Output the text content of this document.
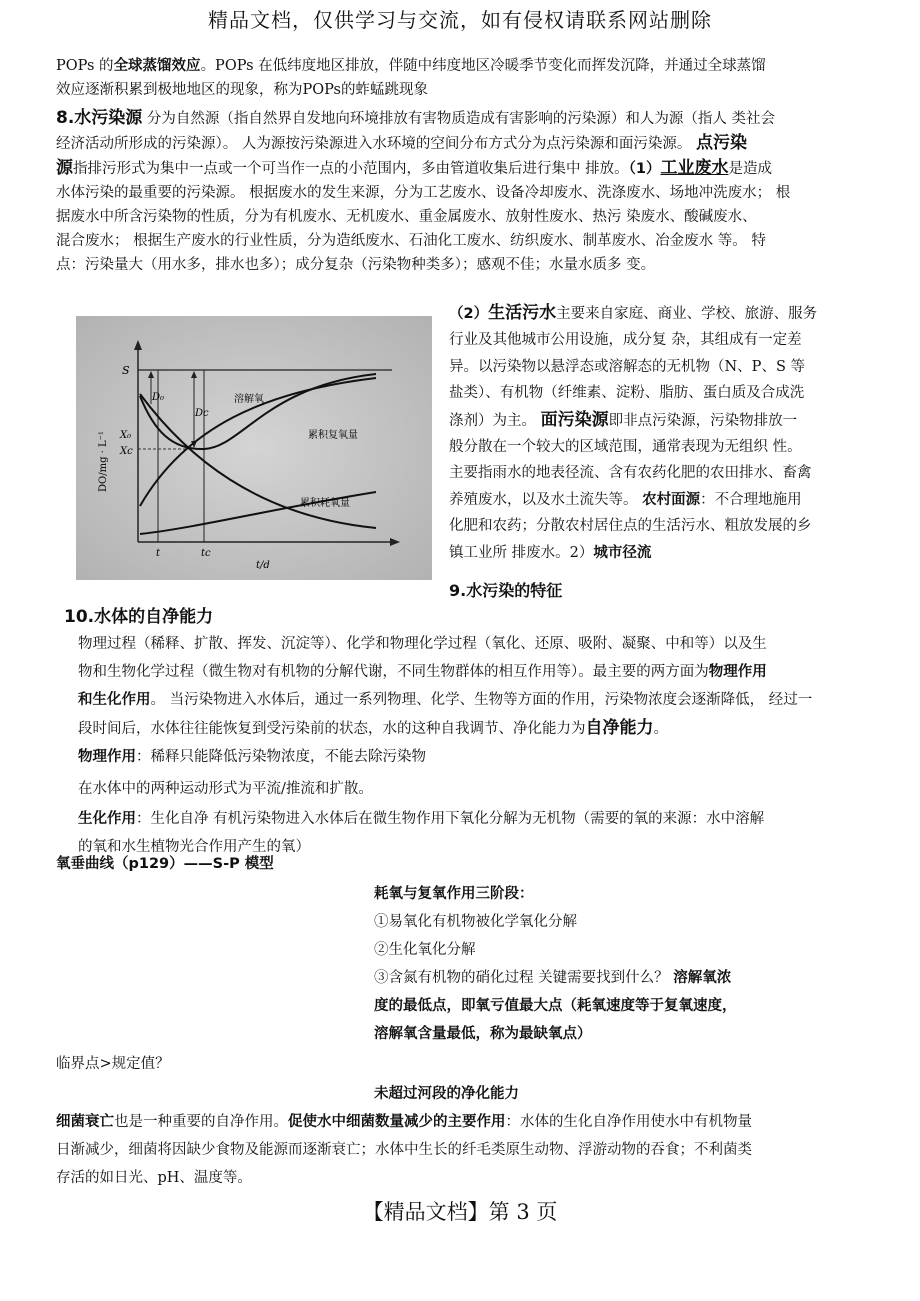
精品文档，仅供学习与交流，如有侵权请联系网站删除
POPs 的全球蒸馏效应。POPs 在低纬度地区排放，伴随中纬度地区冷暖季节变化而挥发沉降，并通过全球蒸馏
效应逐渐积累到极地地区的现象，称为POPs的蚱蜢跳现象
8.水污染源 分为自然源（指自然界自发地向环境排放有害物质造成有害影响的污染源）和人为源（指人 类社会
经济活动所形成的污染源）。 人为源按污染源进入水环境的空间分布方式分为点污染源和面污染源。 点污染
源指排污形式为集中一点或一个可当作一点的小范围内，多由管道收集后进行集中 排放。（1）工业废水是造成
水体污染的最重要的污染源。 根据废水的发生来源，分为工艺废水、设备冷却废水、洗涤废水、场地冲洗废水； 根
据废水中所含污染物的性质，分为有机废水、无机废水、重金属废水、放射性废水、热污 染废水、酸碱废水、
混合废水； 根据生产废水的行业性质，分为造纸废水、石油化工废水、纺织废水、制革废水、冶金废水 等。 特
点：污染量大（用水多，排水也多）；成分复杂（污染物种类多）；感观不佳；水量水质多 变。
S
D₀
Dc
X₀
Xc
t	tc
t/d
DO/mg · L⁻¹
溶解氧
累积复氧量
累积耗氧量
（2）生活污水主要来自家庭、商业、学校、旅游、服务
行业及其他城市公用设施，成分复 杂，其组成有一定差
异。以污染物以悬浮态或溶解态的无机物（N、P、S 等
盐类）、有机物（纤维素、淀粉、脂肪、蛋白质及合成洗
涤剂）为主。 面污染源即非点污染源，污染物排放一
般分散在一个较大的区域范围，通常表现为无组织 性。
主要指雨水的地表径流、含有农药化肥的农田排水、畜禽
养殖废水，以及水土流失等。 农村面源：不合理地施用
化肥和农药；分散农村居住点的生活污水、粗放发展的乡
镇工业所 排废水。2）城市径流
9.水污染的特征
10.水体的自净能力
物理过程（稀释、扩散、挥发、沉淀等）、化学和物理化学过程（氧化、还原、吸附、凝聚、中和等）以及生
物和生物化学过程（微生物对有机物的分解代谢，不同生物群体的相互作用等）。最主要的两方面为物理作用
和生化作用。 当污染物进入水体后，通过一系列物理、化学、生物等方面的作用，污染物浓度会逐渐降低， 经过一
段时间后，水体往往能恢复到受污染前的状态，水的这种自我调节、净化能力为自净能力。
物理作用：稀释只能降低污染物浓度，不能去除污染物
在水体中的两种运动形式为平流/推流和扩散。
生化作用：生化自净 有机污染物进入水体后在微生物作用下氧化分解为无机物（需要的氧的来源：水中溶解
的氧和水生植物光合作用产生的氧）
氧垂曲线（p129）——S-P 模型
耗氧与复氧作用三阶段：
①易氧化有机物被化学氧化分解
②生化氧化分解
③含氮有机物的硝化过程 关键需要找到什么？ 溶解氧浓
度的最低点，即氧亏值最大点（耗氧速度等于复氧速度，
溶解氧含量最低，称为最缺氧点）
临界点>规定值？
未超过河段的净化能力
细菌衰亡也是一种重要的自净作用。促使水中细菌数量减少的主要作用：水体的生化自净作用使水中有机物量
日渐减少，细菌将因缺少食物及能源而逐渐衰亡；水体中生长的纤毛类原生动物、浮游动物的吞食；不利菌类
存活的如日光、pH、温度等。
【精品文档】第 3 页
